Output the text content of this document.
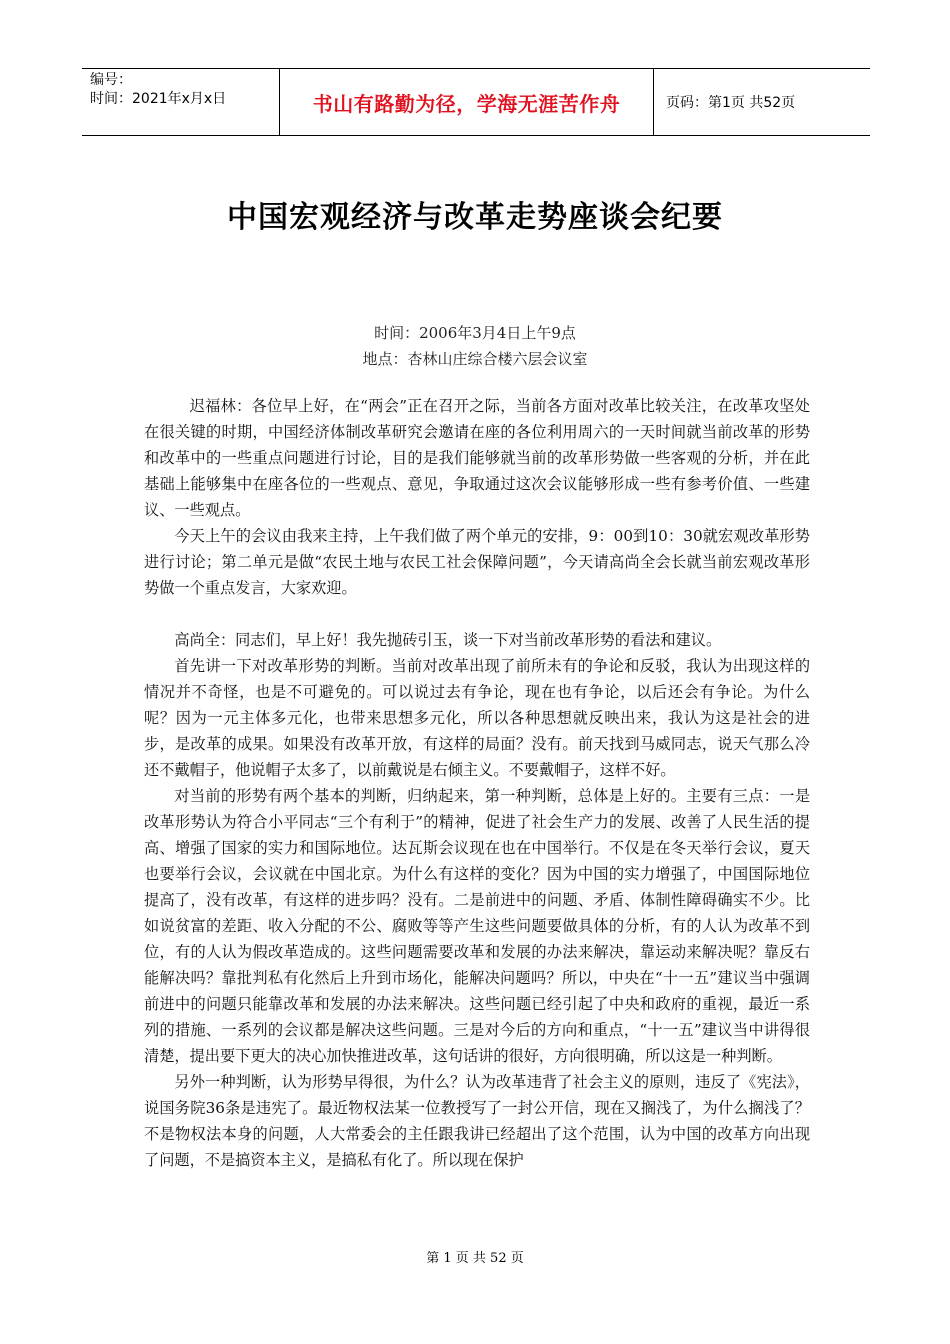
编号：
时间：2021年x月x日	书山有路勤为径，学海无涯苦作舟	页码：第1页 共52页
中国宏观经济与改革走势座谈会纪要
时间：2006年3月4日上午9点
地点：杏林山庄综合楼六层会议室

迟福林：各位早上好，在“两会”正在召开之际，当前各方面对改革比较关注，在改革攻坚处在很关键的时期，中国经济体制改革研究会邀请在座的各位利用周六的一天时间就当前改革的形势和改革中的一些重点问题进行讨论，目的是我们能够就当前的改革形势做一些客观的分析，并在此基础上能够集中在座各位的一些观点、意见，争取通过这次会议能够形成一些有参考价值、一些建议、一些观点。

今天上午的会议由我来主持，上午我们做了两个单元的安排，9：00到10：30就宏观改革形势进行讨论；第二单元是做“农民土地与农民工社会保障问题”，今天请高尚全会长就当前宏观改革形势做一个重点发言，大家欢迎。

高尚全：同志们，早上好！我先抛砖引玉，谈一下对当前改革形势的看法和建议。

首先讲一下对改革形势的判断。当前对改革出现了前所未有的争论和反驳，我认为出现这样的情况并不奇怪，也是不可避免的。可以说过去有争论，现在也有争论，以后还会有争论。为什么呢？因为一元主体多元化，也带来思想多元化，所以各种思想就反映出来，我认为这是社会的进步，是改革的成果。如果没有改革开放，有这样的局面？没有。前天找到马威同志，说天气那么冷还不戴帽子，他说帽子太多了，以前戴说是右倾主义。不要戴帽子，这样不好。

对当前的形势有两个基本的判断，归纳起来，第一种判断，总体是上好的。主要有三点：一是改革形势认为符合小平同志“三个有利于”的精神，促进了社会生产力的发展、改善了人民生活的提高、增强了国家的实力和国际地位。达瓦斯会议现在也在中国举行。不仅是在冬天举行会议，夏天也要举行会议，会议就在中国北京。为什么有这样的变化？因为中国的实力增强了，中国国际地位提高了，没有改革，有这样的进步吗？没有。二是前进中的问题、矛盾、体制性障碍确实不少。比如说贫富的差距、收入分配的不公、腐败等等产生这些问题要做具体的分析，有的人认为改革不到位，有的人认为假改革造成的。这些问题需要改革和发展的办法来解决，靠运动来解决呢？靠反右能解决吗？靠批判私有化然后上升到市场化，能解决问题吗？所以，中央在“十一五”建议当中强调前进中的问题只能靠改革和发展的办法来解决。这些问题已经引起了中央和政府的重视，最近一系列的措施、一系列的会议都是解决这些问题。三是对今后的方向和重点，“十一五”建议当中讲得很清楚，提出要下更大的决心加快推进改革，这句话讲的很好，方向很明确，所以这是一种判断。

另外一种判断，认为形势早得很，为什么？认为改革违背了社会主义的原则，违反了《宪法》，说国务院36条是违宪了。最近物权法某一位教授写了一封公开信，现在又搁浅了，为什么搁浅了？不是物权法本身的问题，人大常委会的主任跟我讲已经超出了这个范围，认为中国的改革方向出现了问题，不是搞资本主义，是搞私有化了。所以现在保护

第 1 页 共 52 页
